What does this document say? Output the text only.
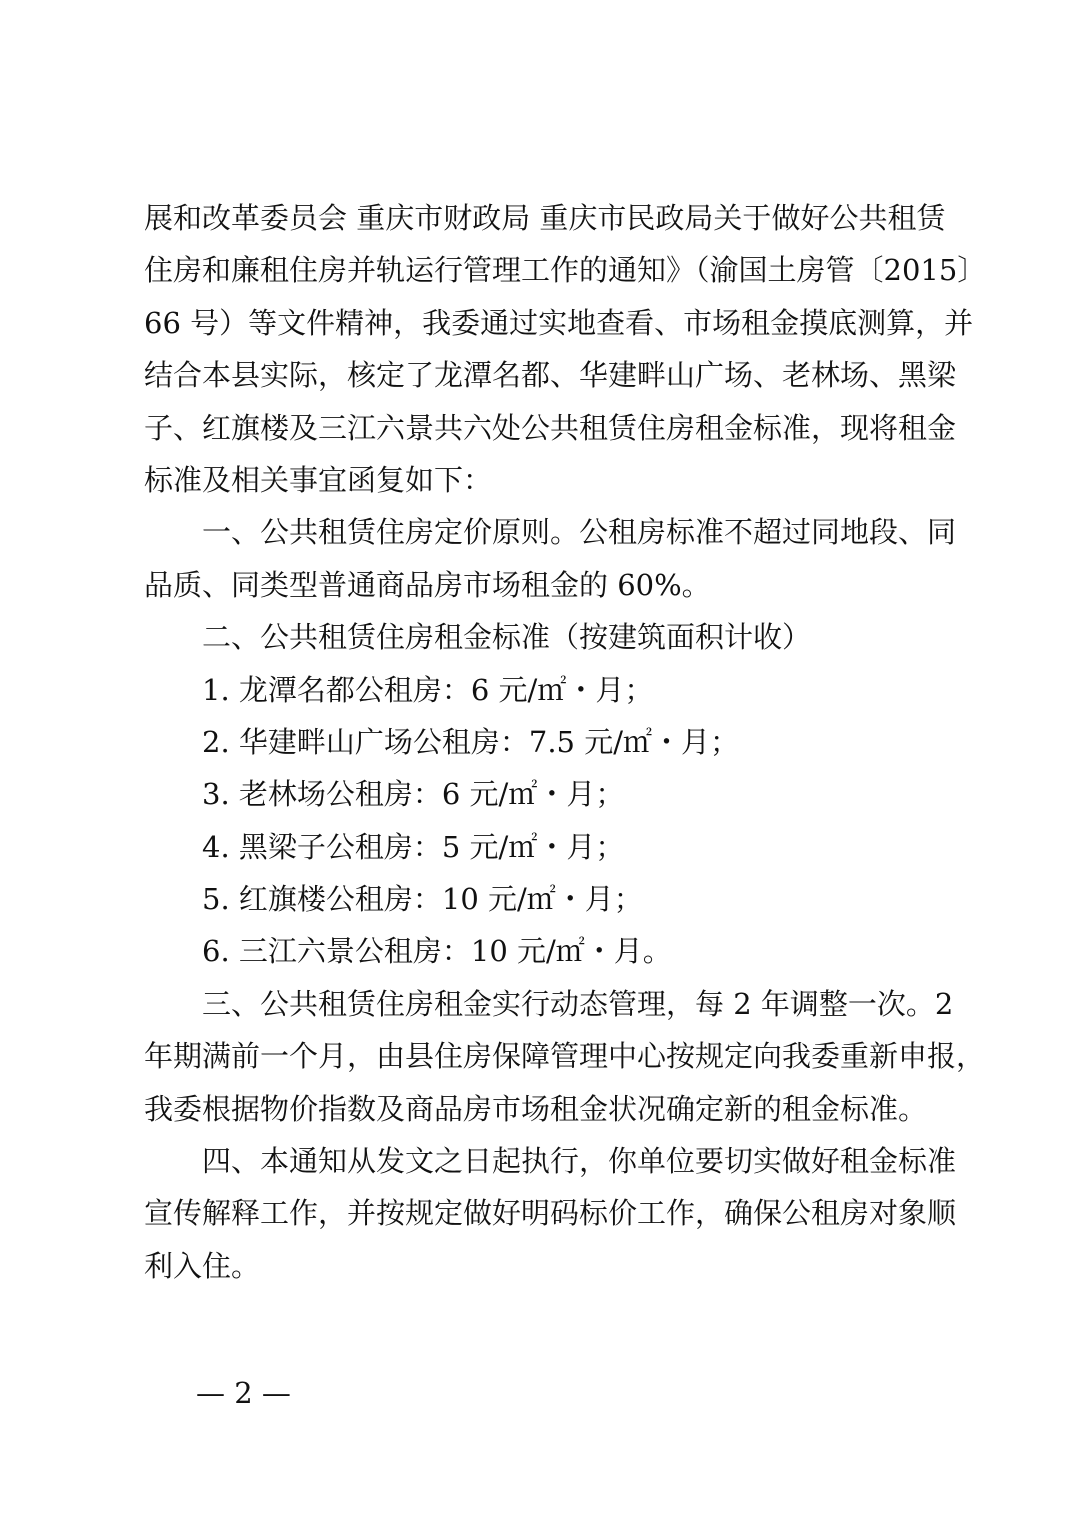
展和改革委员会 重庆市财政局 重庆市民政局关于做好公共租赁
住房和廉租住房并轨运行管理工作的通知》（渝国土房管〔2015〕
66 号）等文件精神，我委通过实地查看、市场租金摸底测算，并
结合本县实际，核定了龙潭名都、华建畔山广场、老林场、黑梁
子、红旗楼及三江六景共六处公共租赁住房租金标准，现将租金
标准及相关事宜函复如下：
一、公共租赁住房定价原则。公租房标准不超过同地段、同
品质、同类型普通商品房市场租金的 60%。
二、公共租赁住房租金标准（按建筑面积计收）
1. 龙潭名都公租房：6 元/㎡・月；
2. 华建畔山广场公租房：7.5 元/㎡・月；
3. 老林场公租房：6 元/㎡・月；
4. 黑梁子公租房：5 元/㎡・月；
5. 红旗楼公租房：10 元/㎡・月；
6. 三江六景公租房：10 元/㎡・月。
三、公共租赁住房租金实行动态管理，每 2 年调整一次。2
年期满前一个月，由县住房保障管理中心按规定向我委重新申报，
我委根据物价指数及商品房市场租金状况确定新的租金标准。
四、本通知从发文之日起执行，你单位要切实做好租金标准
宣传解释工作，并按规定做好明码标价工作，确保公租房对象顺
利入住。
— 2 —
